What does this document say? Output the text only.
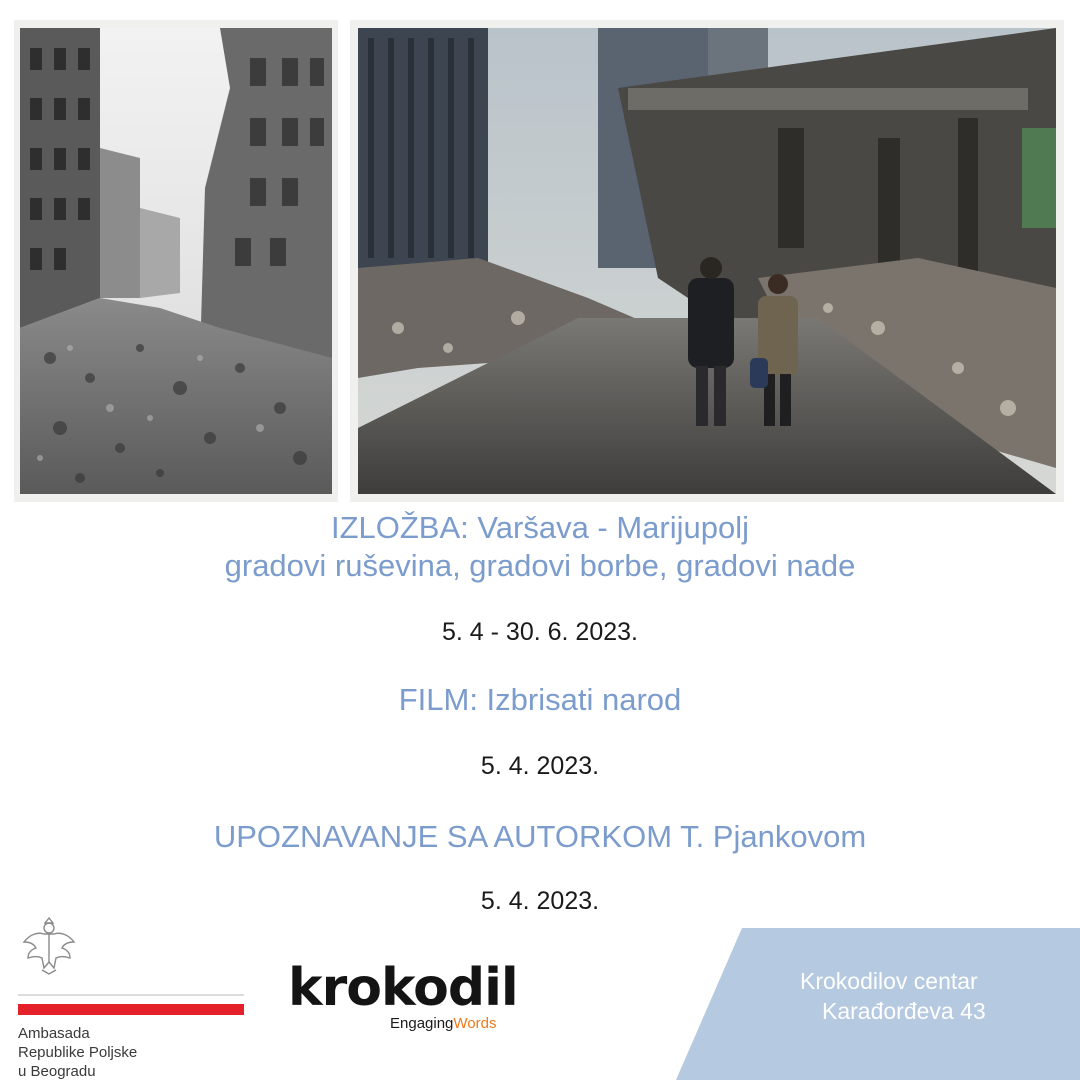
IZLOŽBA: Varšava - Marijupolj
gradovi ruševina, gradovi borbe, gradovi nade
5. 4 - 30. 6. 2023.
FILM: Izbrisati narod
5. 4. 2023.
UPOZNAVANJE SA AUTORKOM T. Pjankovom
5. 4. 2023.
Ambasada
Republike Poljske
u Beogradu
krokodil
EngagingWords
Krokodilov centar
Karađorđeva 43
